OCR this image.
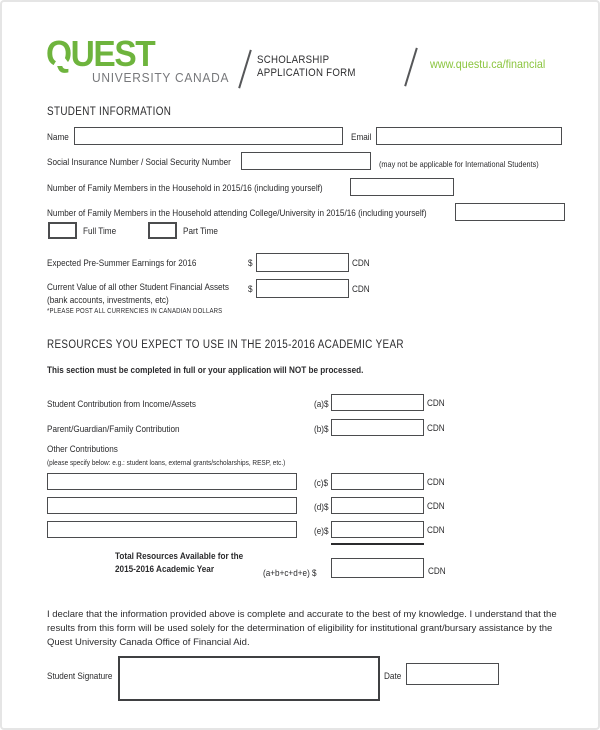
QUEST
UNIVERSITY CANADA
SCHOLARSHIP
APPLICATION FORM
www.questu.ca/financial
STUDENT INFORMATION
Name	Email
Social Insurance Number / Social Security Number	(may not be applicable for International Students)
Number of Family Members in the Household in 2015/16 (including yourself)
Number of Family Members in the Household attending College/University in 2015/16 (including yourself)
Full Time	Part Time
Expected Pre-Summer Earnings for 2016	$	CDN
Current Value of all other Student Financial Assets
(bank accounts, investments, etc)
$	CDN
*PLEASE POST ALL CURRENCIES IN CANADIAN DOLLARS
RESOURCES YOU EXPECT TO USE IN THE 2015-2016 ACADEMIC YEAR
This section must be completed in full or your application will NOT be processed.
Student Contribution from Income/Assets	(a)$	CDN
Parent/Guardian/Family Contribution	(b)$	CDN
Other Contributions
(please specify below: e.g.: student loans, external grants/scholarships, RESP, etc.)
(c)$	CDN
(d)$	CDN
(e)$	CDN
Total Resources Available for the
2015-2016 Academic Year	(a+b+c+d+e) $	CDN
I declare that the information provided above is complete and accurate to the best of my knowledge. I understand that the results from this form will be used solely for the determination of eligibility for institutional grant/bursary assistance by the Quest University Canada Office of Financial Aid.
Student Signature	Date
